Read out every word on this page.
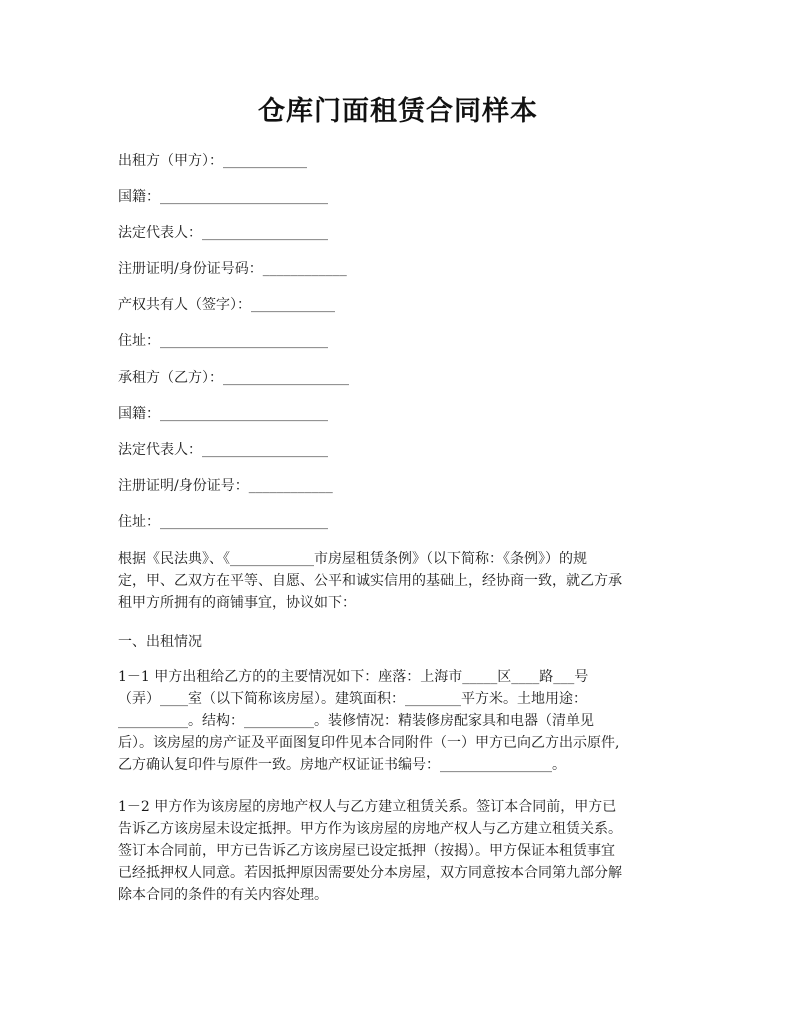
仓库门面租赁合同样本
出租方（甲方）：____________
国籍：________________________
法定代表人：__________________
注册证明/身份证号码：____________
产权共有人（签字）：____________
住址：________________________
承租方（乙方）：__________________
国籍：________________________
法定代表人：__________________
注册证明/身份证号：____________
住址：________________________
根据《民法典》、《____________市房屋租赁条例》（以下简称：《条例》）的规
定，甲、乙双方在平等、自愿、公平和诚实信用的基础上，经协商一致，就乙方承
租甲方所拥有的商铺事宜，协议如下：
一、出租情况
1－1 甲方出租给乙方的的主要情况如下：座落：上海市_____区____路___号
（弄）____室（以下简称该房屋）。建筑面积：________平方米。土地用途：
__________。结构：__________。装修情况：精装修房配家具和电器（清单见
后）。该房屋的房产证及平面图复印件见本合同附件（一）甲方已向乙方出示原件,
乙方确认复印件与原件一致。房地产权证证书编号：________________。
1－2 甲方作为该房屋的房地产权人与乙方建立租赁关系。签订本合同前，甲方已
告诉乙方该房屋未设定抵押。甲方作为该房屋的房地产权人与乙方建立租赁关系。
签订本合同前，甲方已告诉乙方该房屋已设定抵押（按揭）。甲方保证本租赁事宜
已经抵押权人同意。若因抵押原因需要处分本房屋，双方同意按本合同第九部分解
除本合同的条件的有关内容处理。
